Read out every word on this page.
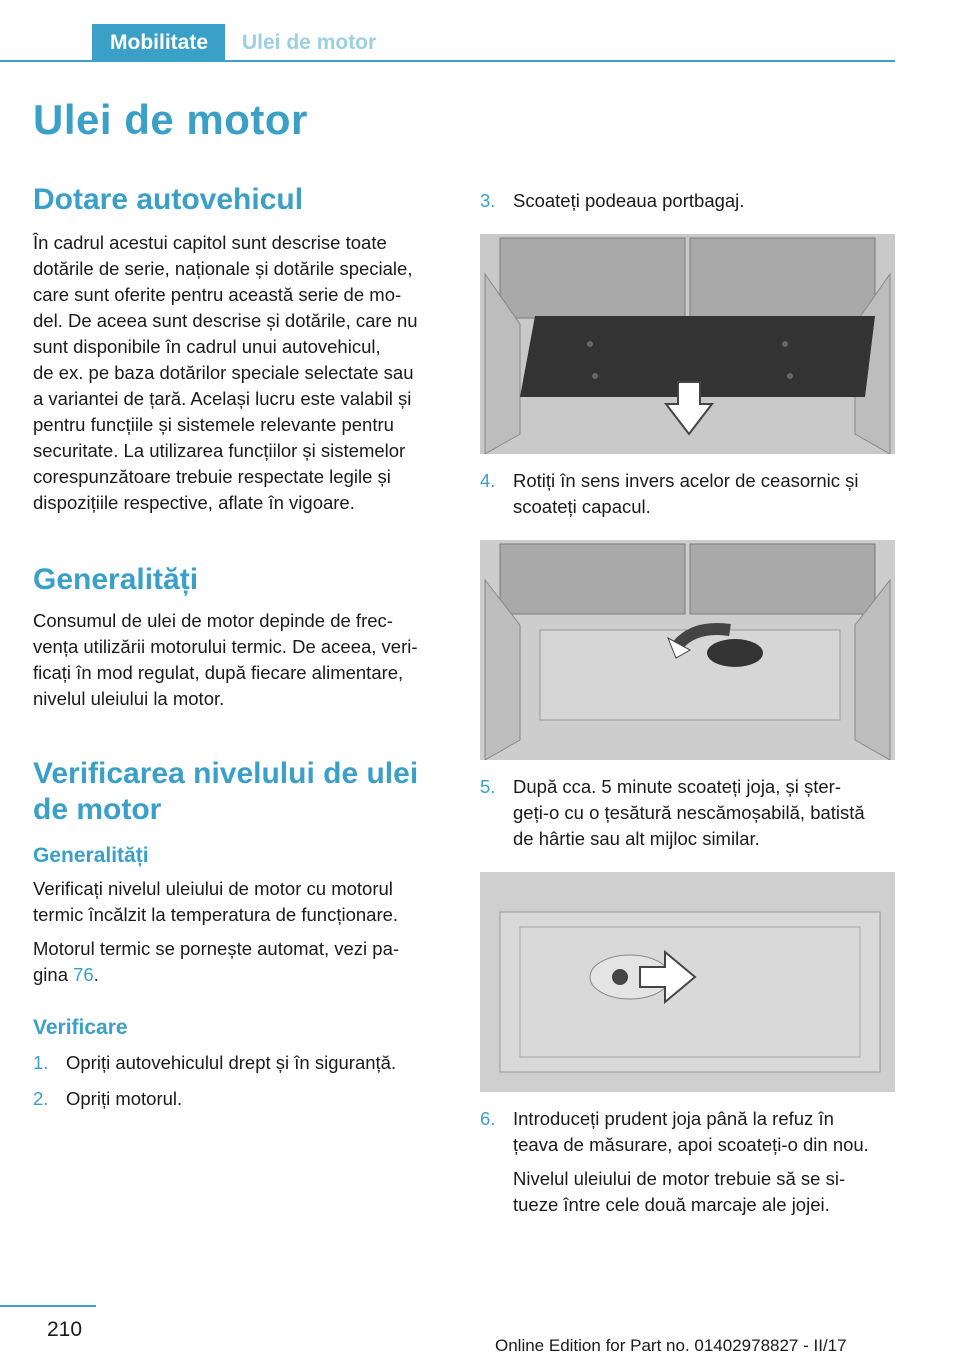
Mobilitate	Ulei de motor
Ulei de motor
Dotare autovehicul
În cadrul acestui capitol sunt descrise toate
dotările de serie, naționale și dotările speciale,
care sunt oferite pentru această serie de mo‐
del. De aceea sunt descrise și dotările, care nu
sunt disponibile în cadrul unui autovehicul,
de ex. pe baza dotărilor speciale selectate sau
a variantei de țară. Același lucru este valabil și
pentru funcțiile și sistemele relevante pentru
securitate. La utilizarea funcțiilor și sistemelor
corespunzătoare trebuie respectate legile și
dispozițiile respective, aflate în vigoare.
Generalități
Consumul de ulei de motor depinde de frec‐
vența utilizării motorului termic. De aceea, veri‐
ficați în mod regulat, după fiecare alimentare,
nivelul uleiului la motor.
Verificarea nivelului de ulei
de motor
Generalități
Verificați nivelul uleiului de motor cu motorul
termic încălzit la temperatura de funcționare.
Motorul termic se pornește automat, vezi pa‐
gina 76.
Verificare
1. Opriți autovehiculul drept și în siguranță.
2. Opriți motorul.
3. Scoateți podeaua portbagaj.
4. Rotiți în sens invers acelor de ceasornic și
scoateți capacul.
5. După cca. 5 minute scoateți joja, și șter‐
geți-o cu o țesătură nescămoșabilă, batistă
de hârtie sau alt mijloc similar.
6. Introduceți prudent joja până la refuz în
țeava de măsurare, apoi scoateți-o din nou.
Nivelul uleiului de motor trebuie să se si‐
tueze între cele două marcaje ale jojei.
210
Online Edition for Part no. 01402978827 - II/17
